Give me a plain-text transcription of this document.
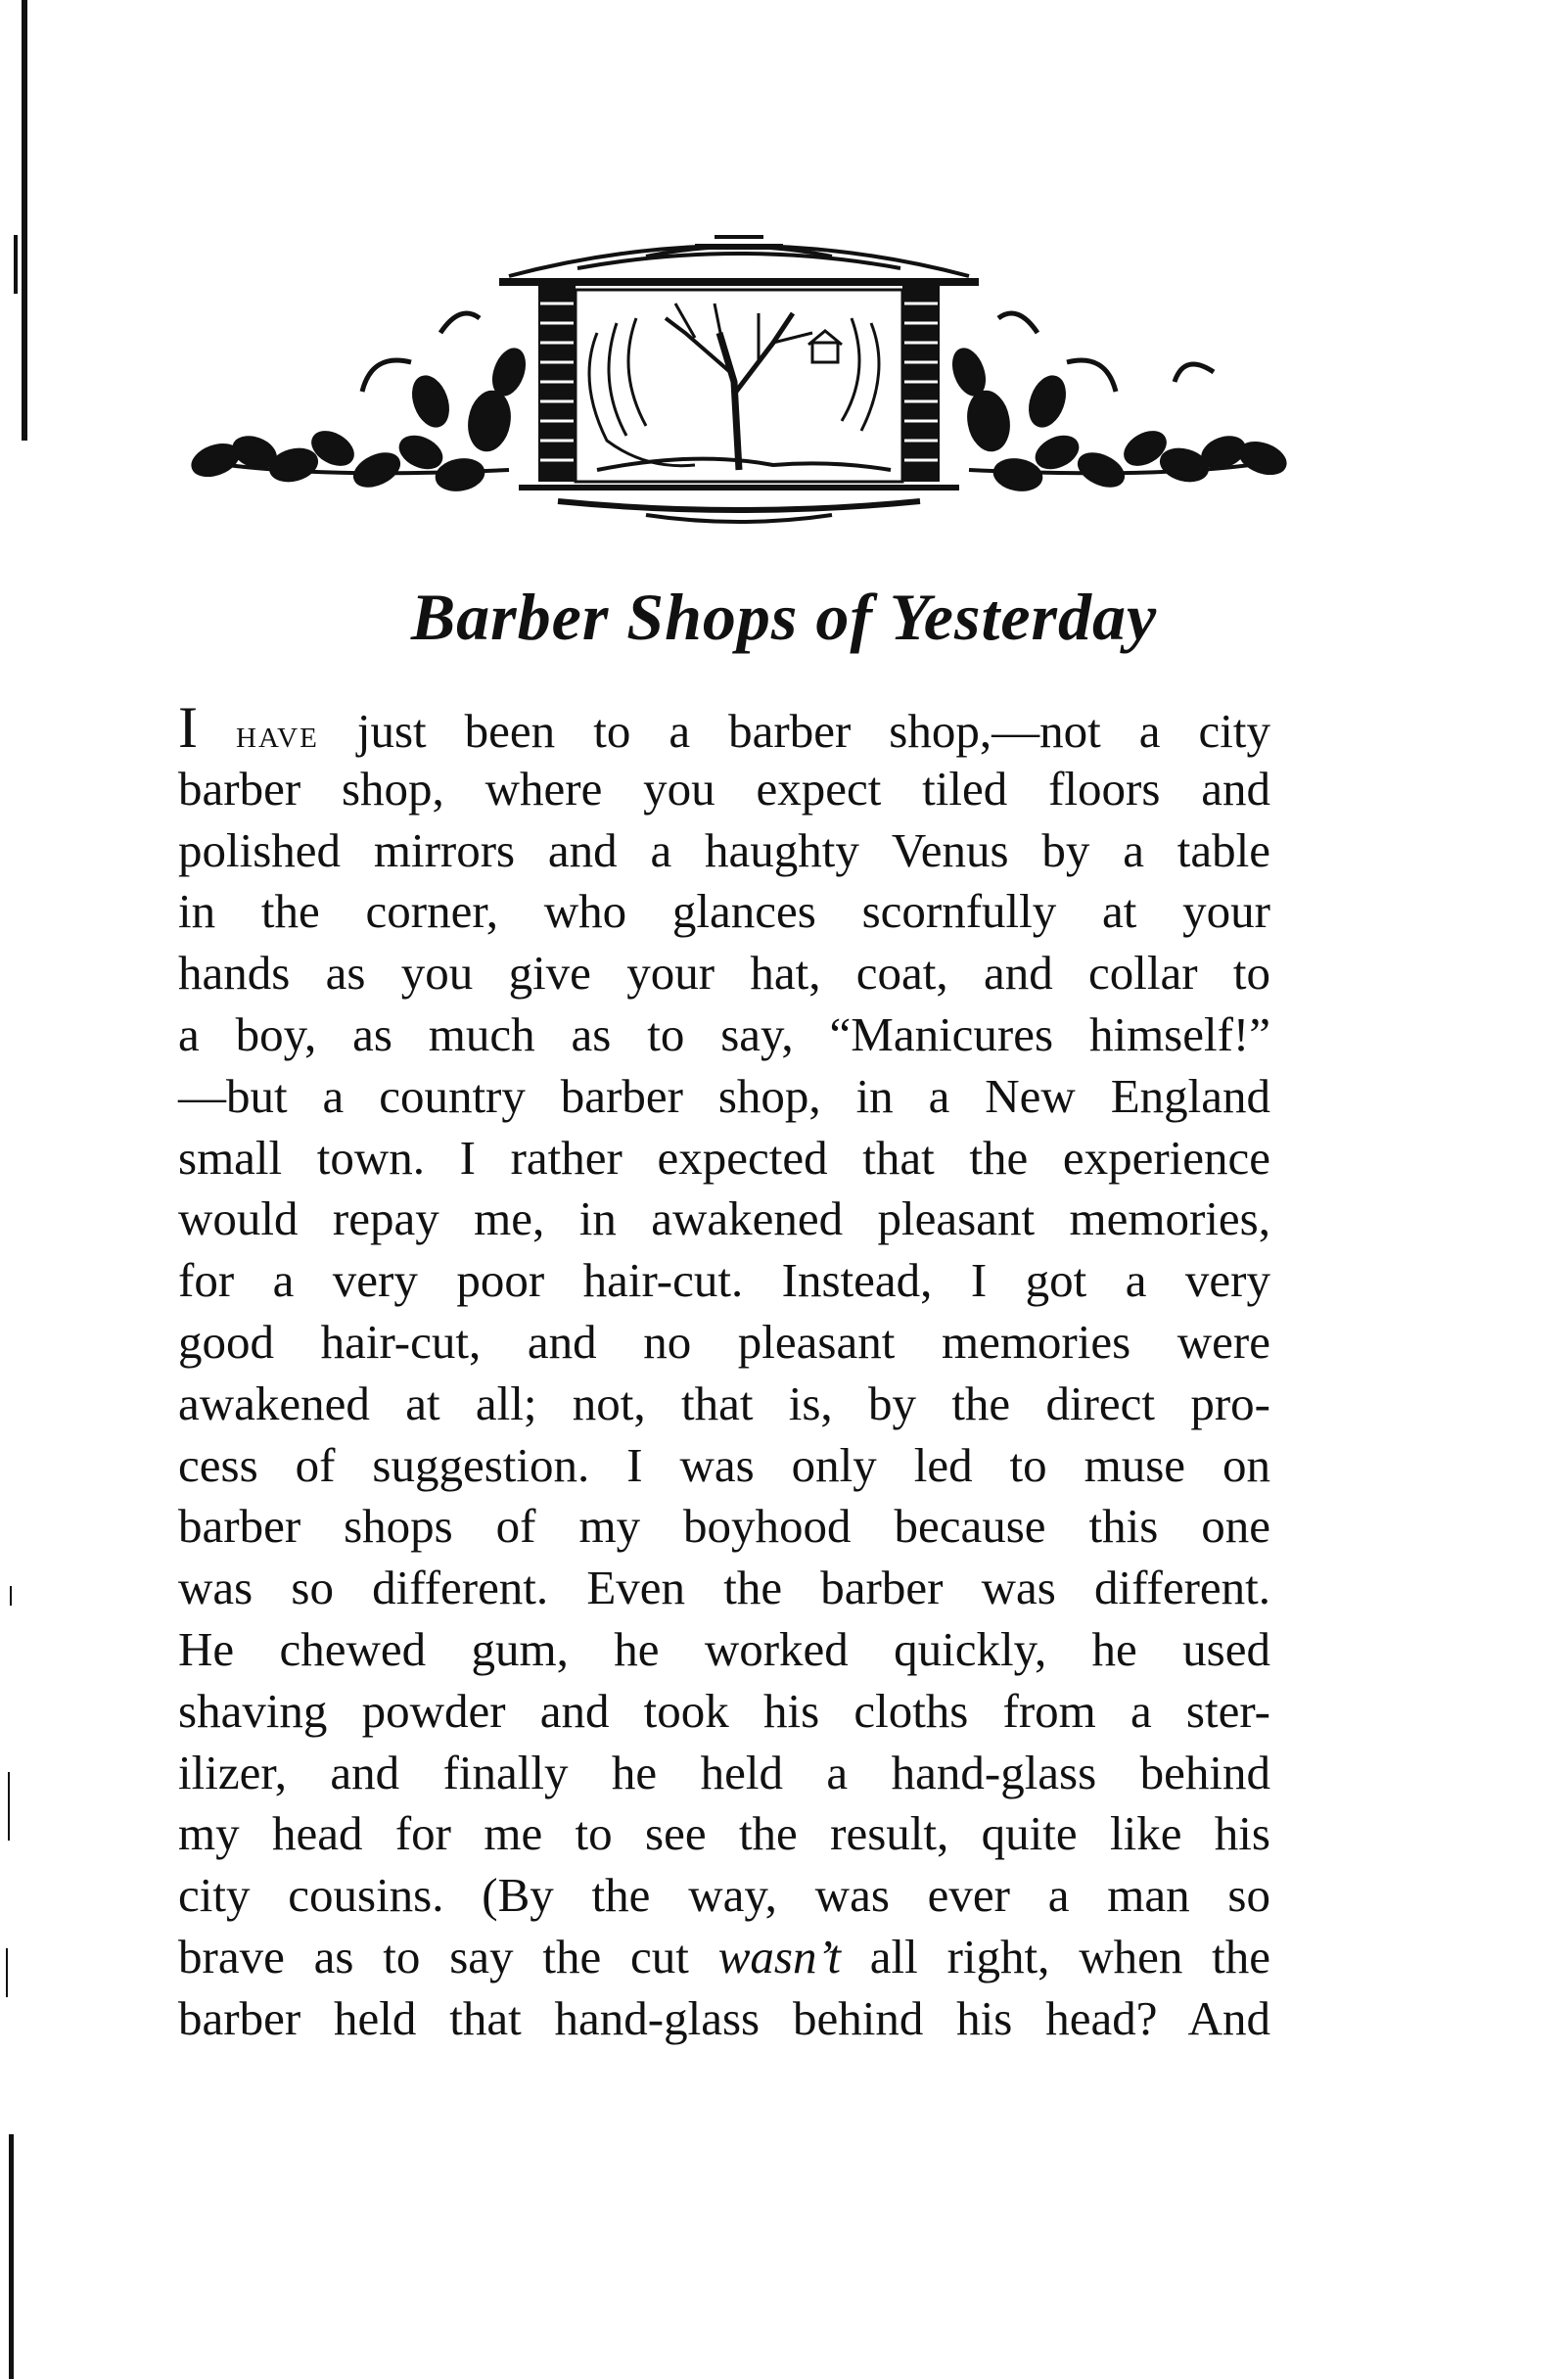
Barber Shops of Yesterday
I have just been to a barber shop,—not a city
barber shop, where you expect tiled floors and
polished mirrors and a haughty Venus by a table
in the corner, who glances scornfully at your
hands as you give your hat, coat, and collar to
a boy, as much as to say, “Manicures himself!”
—but a country barber shop, in a New England
small town. I rather expected that the experience
would repay me, in awakened pleasant memories,
for a very poor hair-cut. Instead, I got a very
good hair-cut, and no pleasant memories were
awakened at all; not, that is, by the direct pro-
cess of suggestion. I was only led to muse on
barber shops of my boyhood because this one
was so different. Even the barber was different.
He chewed gum, he worked quickly, he used
shaving powder and took his cloths from a ster-
ilizer, and finally he held a hand-glass behind
my head for me to see the result, quite like his
city cousins. (By the way, was ever a man so
brave as to say the cut wasn’t all right, when the
barber held that hand-glass behind his head? And
